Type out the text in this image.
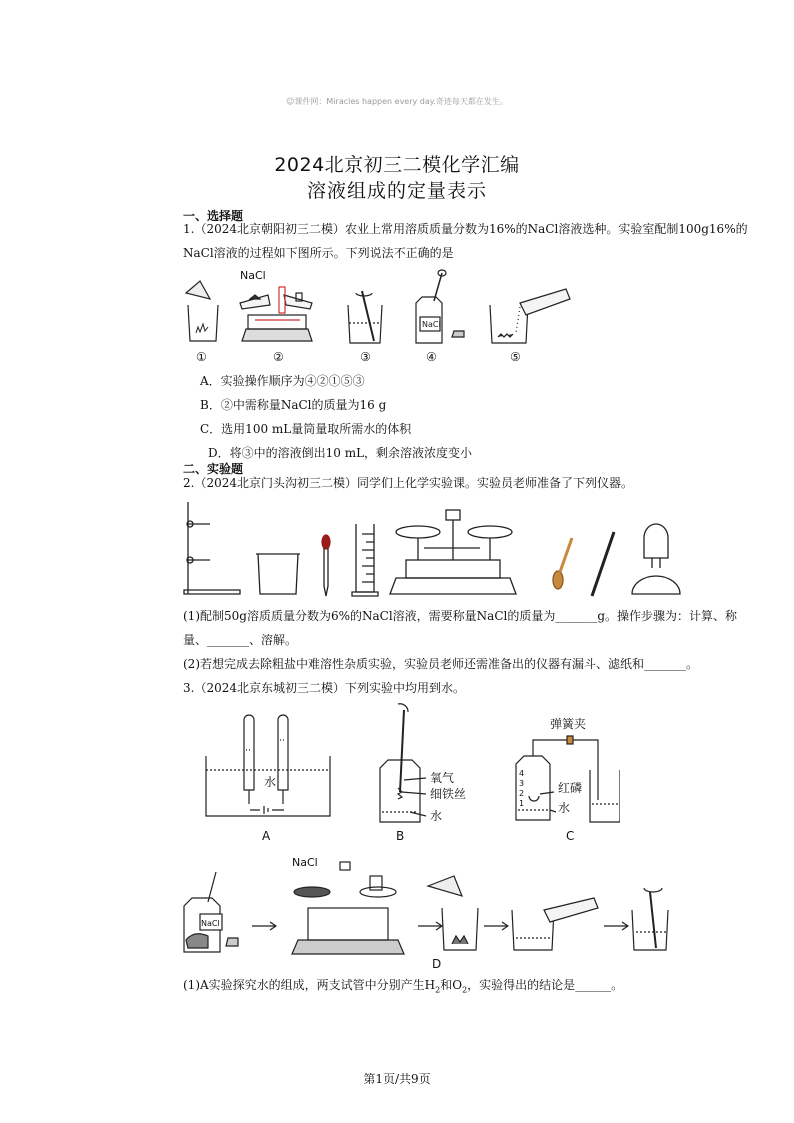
☺课件网：Miracles happen every day.奇迹每天都在发生。
2024北京初三二模化学汇编
溶液组成的定量表示
一、选择题
1.（2024北京朝阳初三二模）农业上常用溶质质量分数为16%的NaCl溶液选种。实验室配制100g16%的
NaCl溶液的过程如下图所示。下列说法不正确的是
NaCl
NaCl
①	②	③	④	⑤
A．实验操作顺序为④②①⑤③
B．②中需称量NaCl的质量为16 g
C．选用100 mL量筒量取所需水的体积
D．将③中的溶液倒出10 mL，剩余溶液浓度变小
二、实验题
2.（2024北京门头沟初三二模）同学们上化学实验课。实验员老师准备了下列仪器。
(1)配制50g溶质质量分数为6%的NaCl溶液，需要称量NaCl的质量为_______g。操作步骤为：计算、称
量、_______、溶解。
(2)若想完成去除粗盐中难溶性杂质实验，实验员老师还需准备出的仪器有漏斗、滤纸和_______。
3.（2024北京东城初三二模）下列实验中均用到水。
水
A
氧气
细铁丝
水
B
弹簧夹
红磷
水
4
3
2
1
C
NaCl
NaCl
D
(1)A实验探究水的组成，两支试管中分别产生$H_2$和$O_2$，实验得出的结论是______。
第1页/共9页
